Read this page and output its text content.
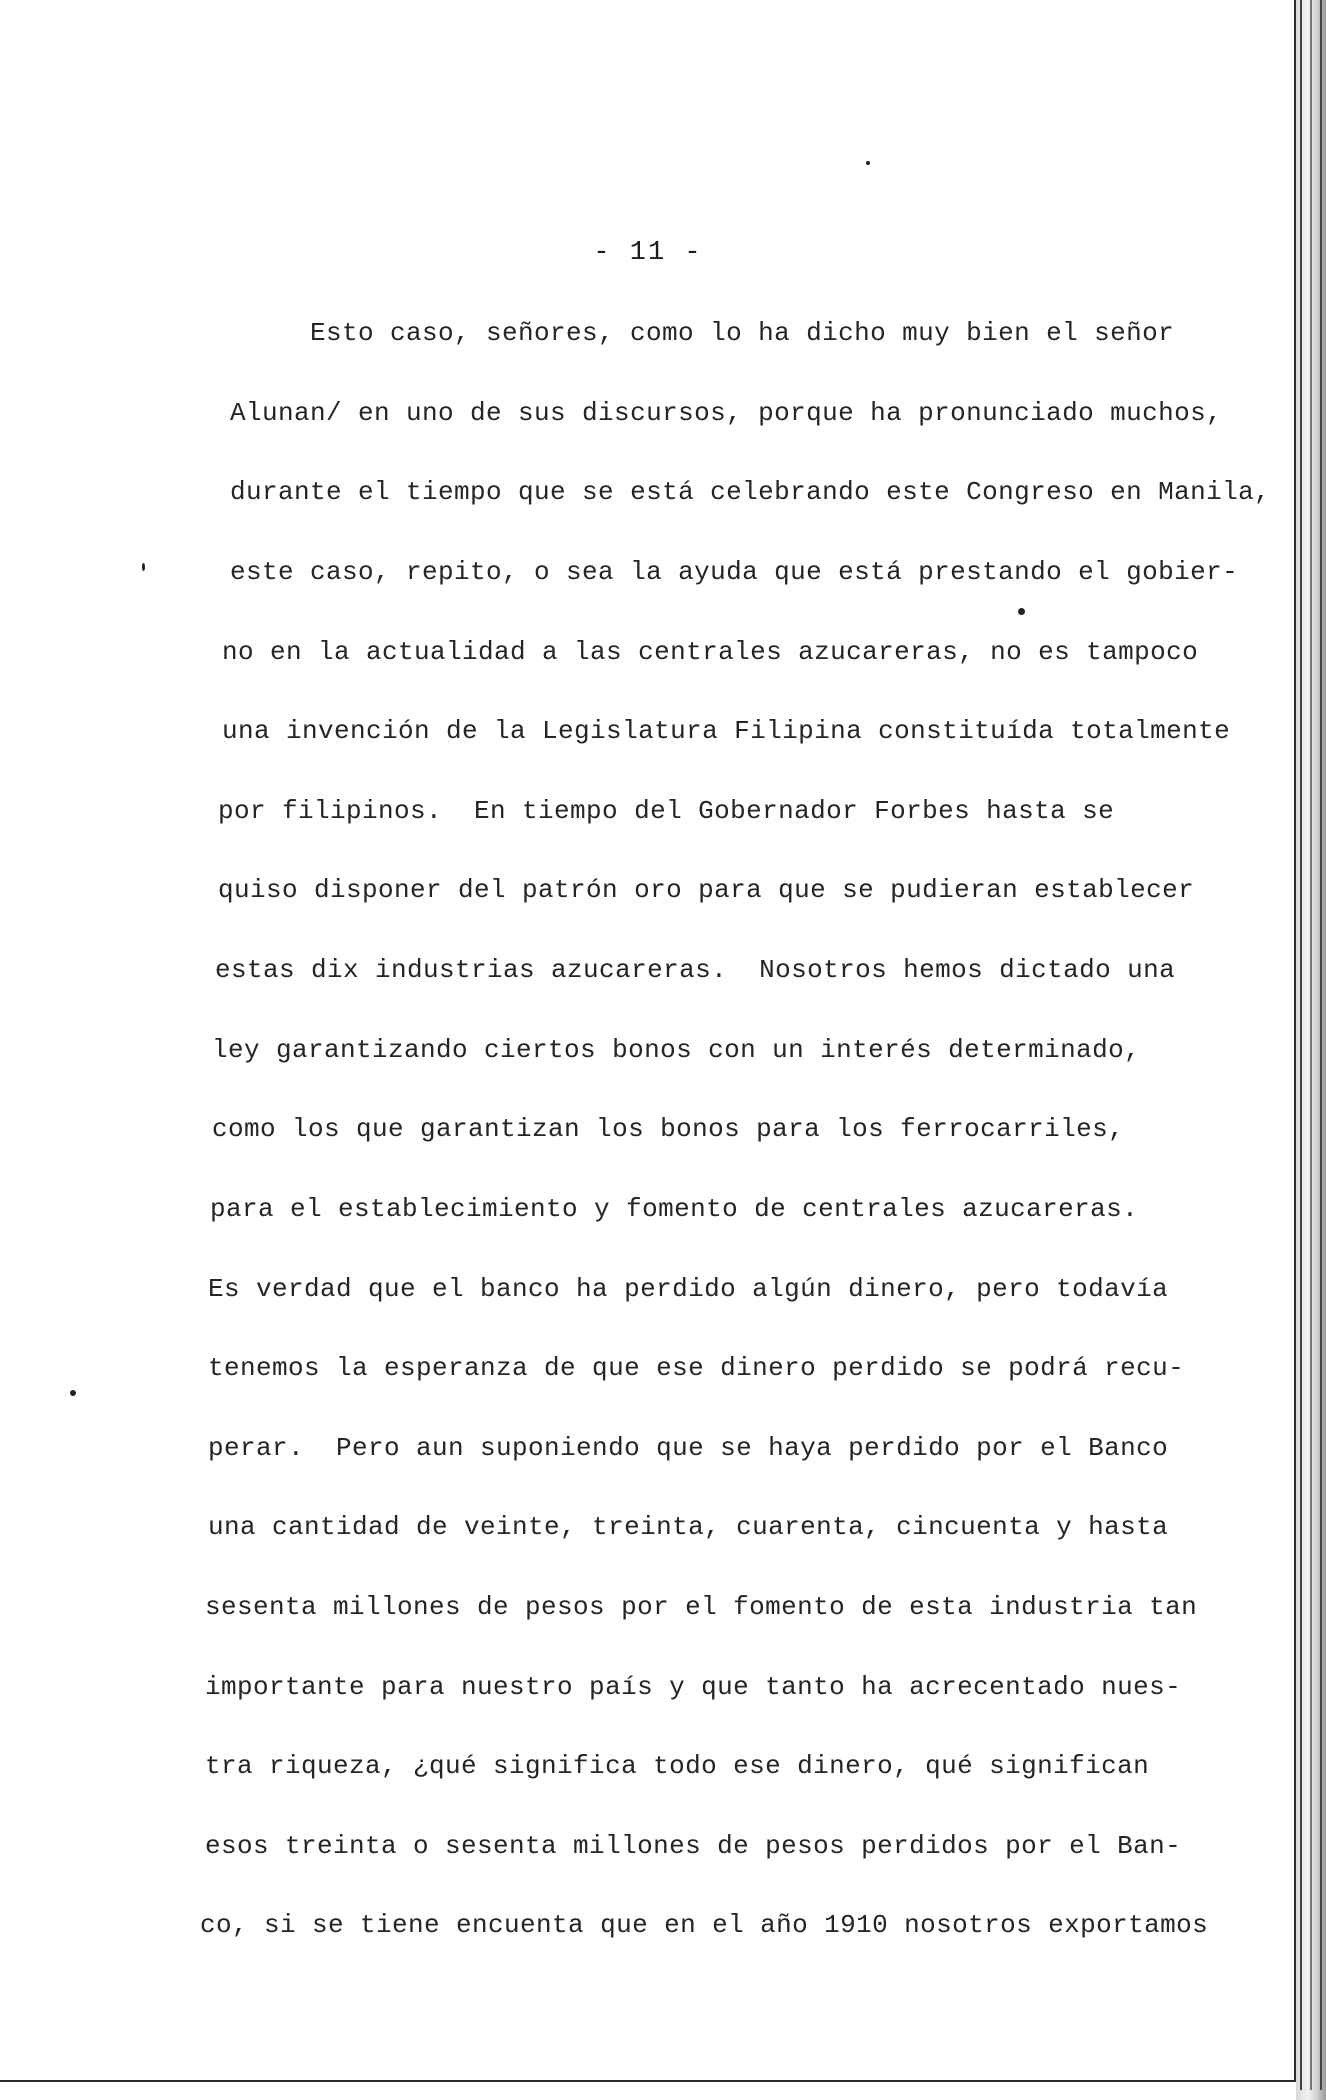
- 11 -
Esto caso, señores, como lo ha dicho muy bien el señor
Alunan/ en uno de sus discursos, porque ha pronunciado muchos,
durante el tiempo que se está celebrando este Congreso en Manila,
este caso, repito, o sea la ayuda que está prestando el gobier-
no en la actualidad a las centrales azucareras, no es tampoco
una invención de la Legislatura Filipina constituída totalmente
por filipinos.  En tiempo del Gobernador Forbes hasta se
quiso disponer del patrón oro para que se pudieran establecer
estas dix industrias azucareras.  Nosotros hemos dictado una
ley garantizando ciertos bonos con un interés determinado,
como los que garantizan los bonos para los ferrocarriles,
para el establecimiento y fomento de centrales azucareras.
Es verdad que el banco ha perdido algún dinero, pero todavía
tenemos la esperanza de que ese dinero perdido se podrá recu-
perar.  Pero aun suponiendo que se haya perdido por el Banco
una cantidad de veinte, treinta, cuarenta, cincuenta y hasta
sesenta millones de pesos por el fomento de esta industria tan
importante para nuestro país y que tanto ha acrecentado nues-
tra riqueza, ¿qué significa todo ese dinero, qué significan
esos treinta o sesenta millones de pesos perdidos por el Ban-
co, si se tiene encuenta que en el año 1910 nosotros exportamos
